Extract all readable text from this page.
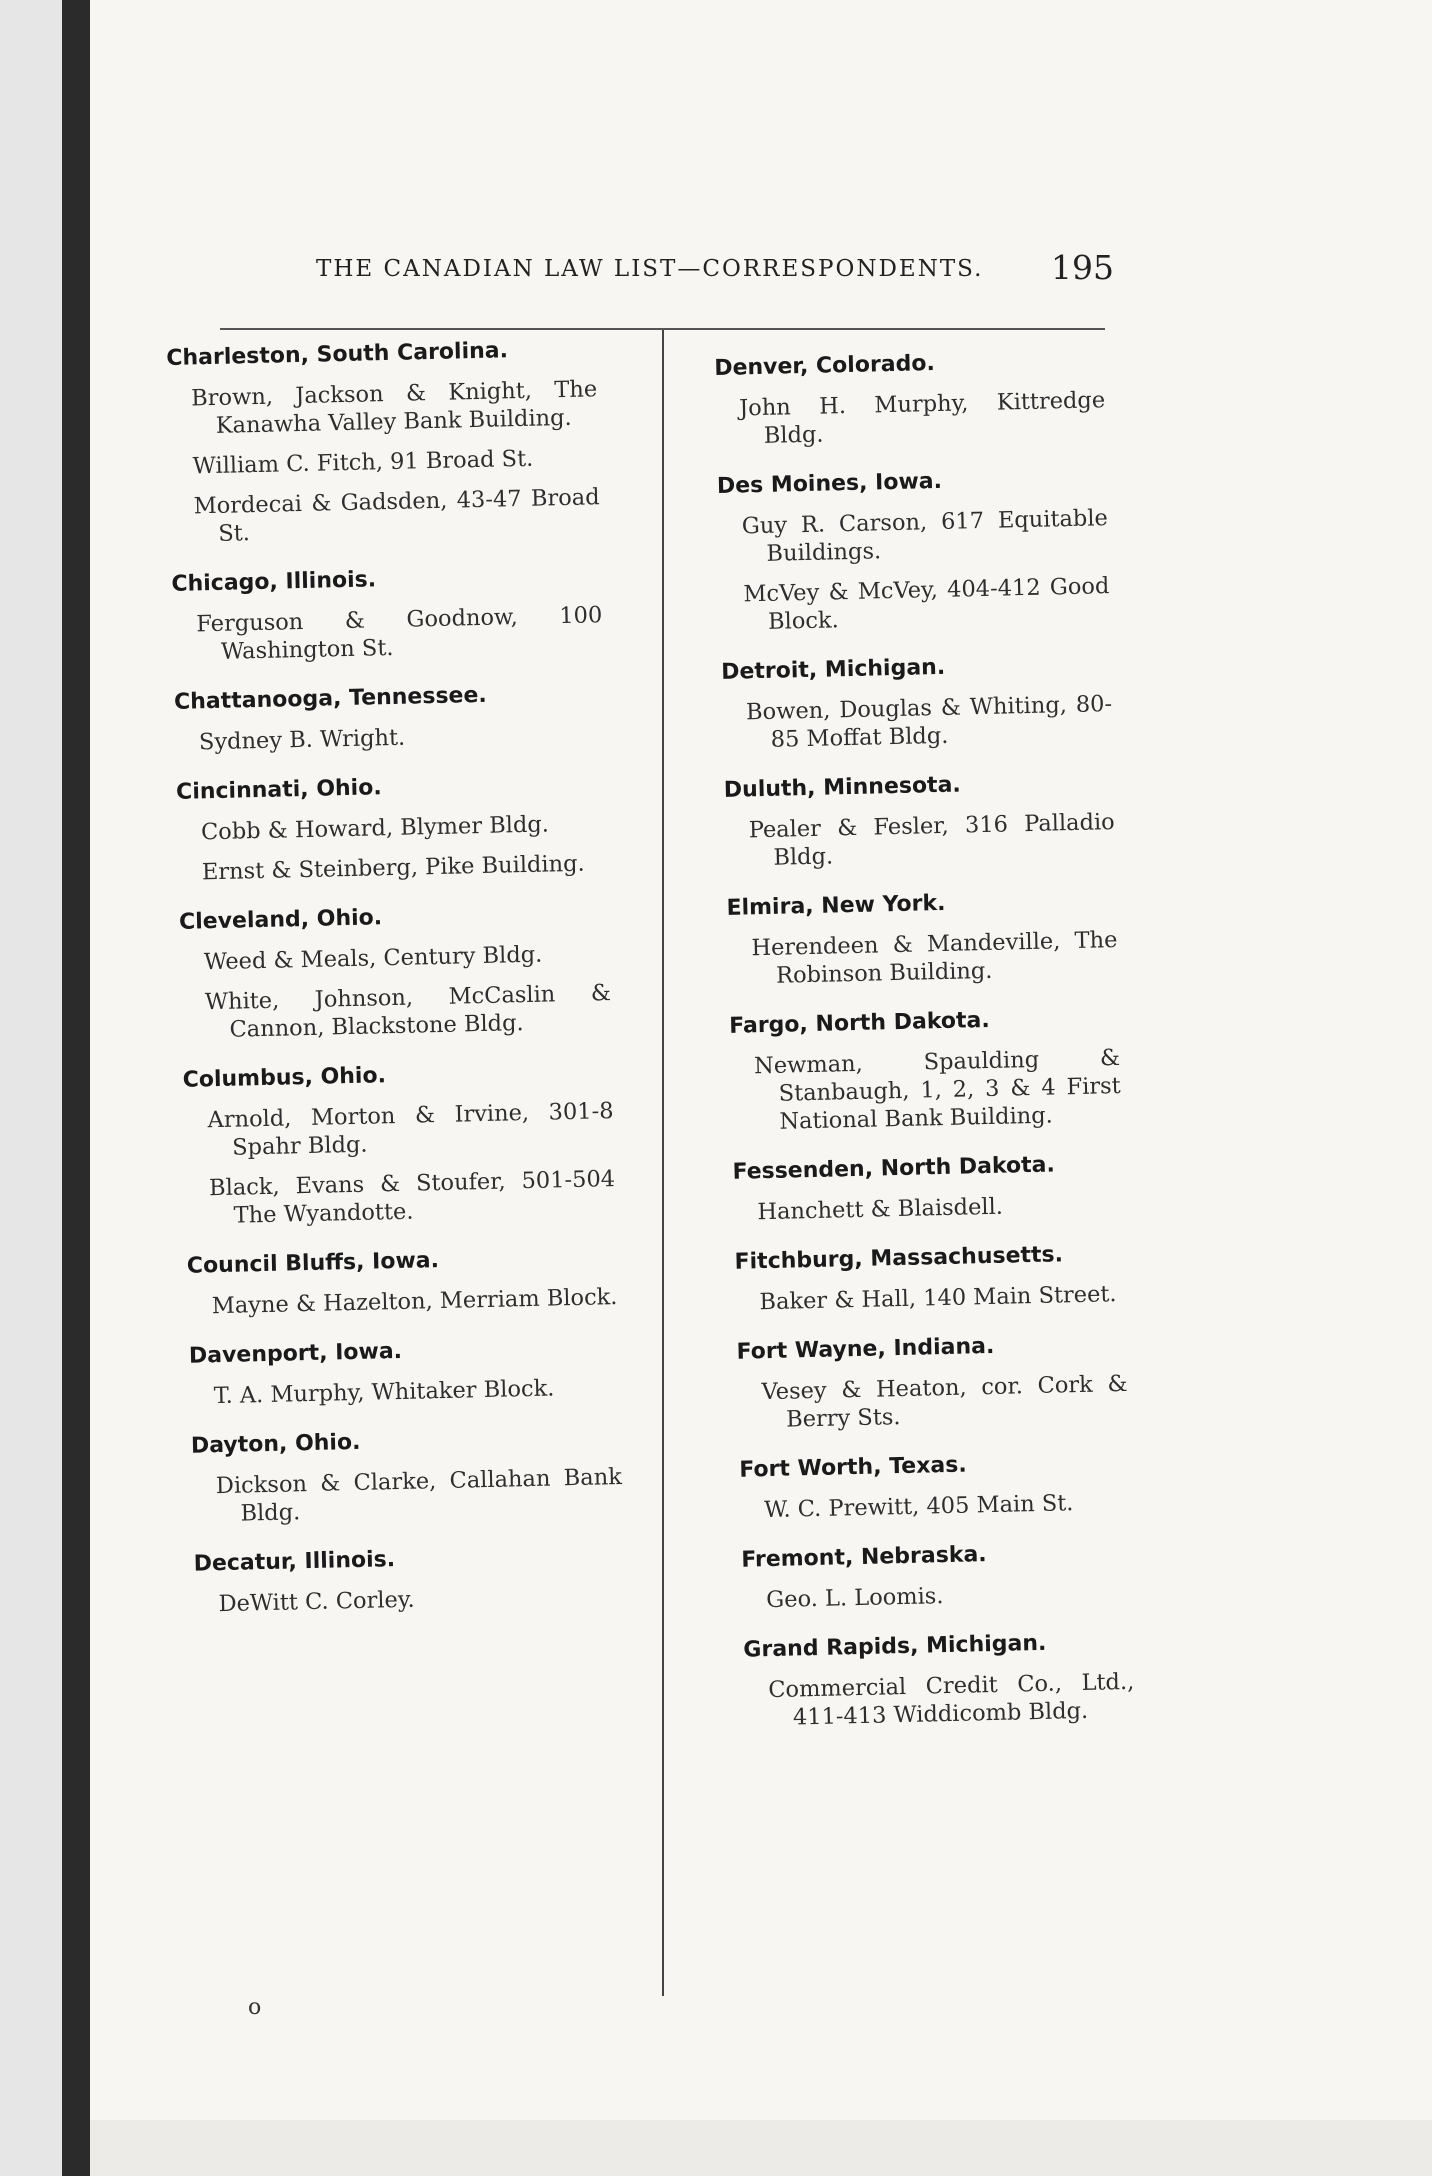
THE CANADIAN LAW LIST—CORRESPONDENTS. 195
Charleston, South Carolina.
Brown, Jackson & Knight, The Kanawha Valley Bank Building.
William C. Fitch, 91 Broad St.
Mordecai & Gadsden, 43-47 Broad St.
Chicago, Illinois.
Ferguson & Goodnow, 100 Washington St.
Chattanooga, Tennessee.
Sydney B. Wright.
Cincinnati, Ohio.
Cobb & Howard, Blymer Bldg.
Ernst & Steinberg, Pike Building.
Cleveland, Ohio.
Weed & Meals, Century Bldg.
White, Johnson, McCaslin & Cannon, Blackstone Bldg.
Columbus, Ohio.
Arnold, Morton & Irvine, 301-8 Spahr Bldg.
Black, Evans & Stoufer, 501-504 The Wyandotte.
Council Bluffs, Iowa.
Mayne & Hazelton, Merriam Block.
Davenport, Iowa.
T. A. Murphy, Whitaker Block.
Dayton, Ohio.
Dickson & Clarke, Callahan Bank Bldg.
Decatur, Illinois.
DeWitt C. Corley.
Denver, Colorado.
John H. Murphy, Kittredge Bldg.
Des Moines, Iowa.
Guy R. Carson, 617 Equitable Buildings.
McVey & McVey, 404-412 Good Block.
Detroit, Michigan.
Bowen, Douglas & Whiting, 80-85 Moffat Bldg.
Duluth, Minnesota.
Pealer & Fesler, 316 Palladio Bldg.
Elmira, New York.
Herendeen & Mandeville, The Robinson Building.
Fargo, North Dakota.
Newman, Spaulding & Stanbaugh, 1, 2, 3 & 4 First National Bank Building.
Fessenden, North Dakota.
Hanchett & Blaisdell.
Fitchburg, Massachusetts.
Baker & Hall, 140 Main Street.
Fort Wayne, Indiana.
Vesey & Heaton, cor. Cork & Berry Sts.
Fort Worth, Texas.
W. C. Prewitt, 405 Main St.
Fremont, Nebraska.
Geo. L. Loomis.
Grand Rapids, Michigan.
Commercial Credit Co., Ltd., 411-413 Widdicomb Bldg.
o
